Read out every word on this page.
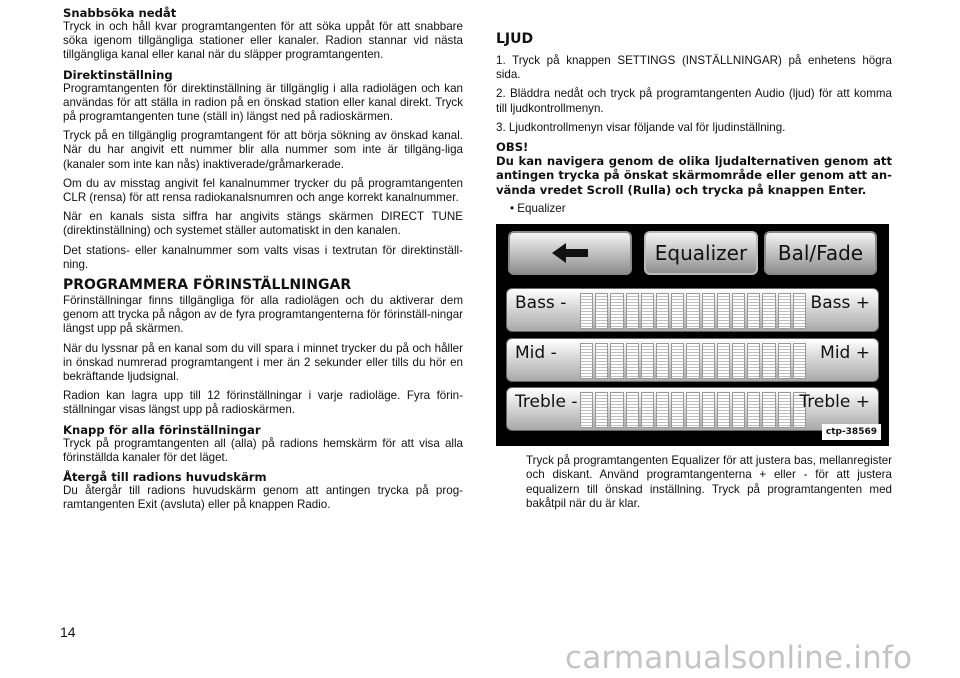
Snabbsöka nedåt
Tryck in och håll kvar programtangenten för att söka uppåt för att snabbare söka igenom tillgängliga stationer eller kanaler. Radion stannar vid nästa tillgängliga kanal eller kanal när du släpper programtangenten.
Direktinställning
Programtangenten för direktinställning är tillgänglig i alla radiolägen och kan användas för att ställa in radion på en önskad station eller kanal direkt. Tryck på programtangenten tune (ställ in) längst ned på radioskärmen.
Tryck på en tillgänglig programtangent för att börja sökning av önskad kanal. När du har angivit ett nummer blir alla nummer som inte är tillgäng-liga (kanaler som inte kan nås) inaktiverade/gråmarkerade.
Om du av misstag angivit fel kanalnummer trycker du på programtangenten CLR (rensa) för att rensa radiokanalsnumren och ange korrekt kanalnummer.
När en kanals sista siffra har angivits stängs skärmen DIRECT TUNE (direktinställning) och systemet ställer automatiskt in den kanalen.
Det stations- eller kanalnummer som valts visas i textrutan för direktinställ-ning.
PROGRAMMERA FÖRINSTÄLLNINGAR
Förinställningar finns tillgängliga för alla radiolägen och du aktiverar dem genom att trycka på någon av de fyra programtangenterna för förinställ-ningar längst upp på skärmen.
När du lyssnar på en kanal som du vill spara i minnet trycker du på och håller in önskad numrerad programtangent i mer än 2 sekunder eller tills du hör en bekräftande ljudsignal.
Radion kan lagra upp till 12 förinställningar i varje radioläge. Fyra förin-ställningar visas längst upp på radioskärmen.
Knapp för alla förinställningar
Tryck på programtangenten all (alla) på radions hemskärm för att visa alla förinställda kanaler för det läget.
Återgå till radions huvudskärm
Du återgår till radions huvudskärm genom att antingen trycka på prog-ramtangenten Exit (avsluta) eller på knappen Radio.
LJUD
1. Tryck på knappen SETTINGS (INSTÄLLNINGAR) på enhetens högra sida.
2. Bläddra nedåt och tryck på programtangenten Audio (ljud) för att komma till ljudkontrollmenyn.
3. Ljudkontrollmenyn visar följande val för ljudinställning.
OBS!
Du kan navigera genom de olika ljudalternativen genom att antingen trycka på önskat skärmområde eller genom att an-vända vredet Scroll (Rulla) och trycka på knappen Enter.
• Equalizer
Equalizer	Bal/Fade
Bass -	Bass +
Mid -	Mid +
Treble -	Treble +
ctp-38569
Tryck på programtangenten Equalizer för att justera bas, mellanregister och diskant. Använd programtangenterna + eller - för att justera equalizern till önskad inställning. Tryck på programtangenten med bakåtpil när du är klar.
14
carmanualsonline.info
